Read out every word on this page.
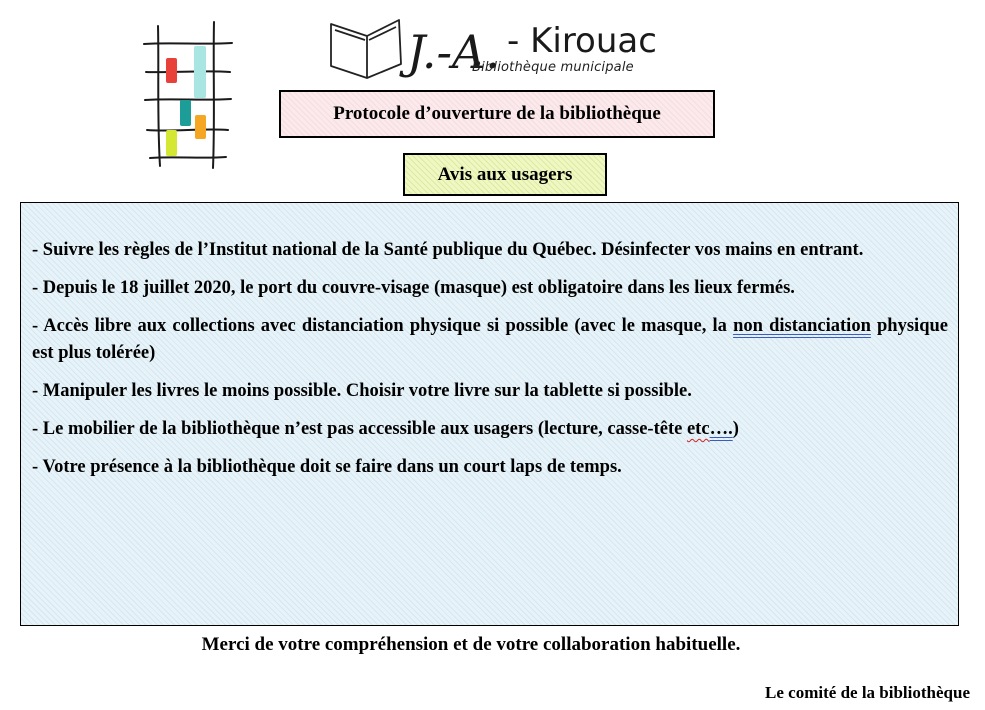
J.-A. - Kirouac
Bibliothèque municipale
Protocole d’ouverture de la bibliothèque
Avis aux usagers

- Suivre les règles de l’Institut national de la Santé publique du Québec. Désinfecter vos mains en entrant.

- Depuis le 18 juillet 2020, le port du couvre-visage (masque) est obligatoire dans les lieux fermés.

- Accès libre aux collections avec distanciation physique si possible (avec le masque, la non distanciation physique est plus tolérée)

- Manipuler les livres le moins possible. Choisir votre livre sur la tablette si possible.

- Le mobilier de la bibliothèque n’est pas accessible aux usagers (lecture, casse-tête etc….)

- Votre présence à la bibliothèque doit se faire dans un court laps de temps.

Merci de votre compréhension et de votre collaboration habituelle.
Le comité de la bibliothèque
